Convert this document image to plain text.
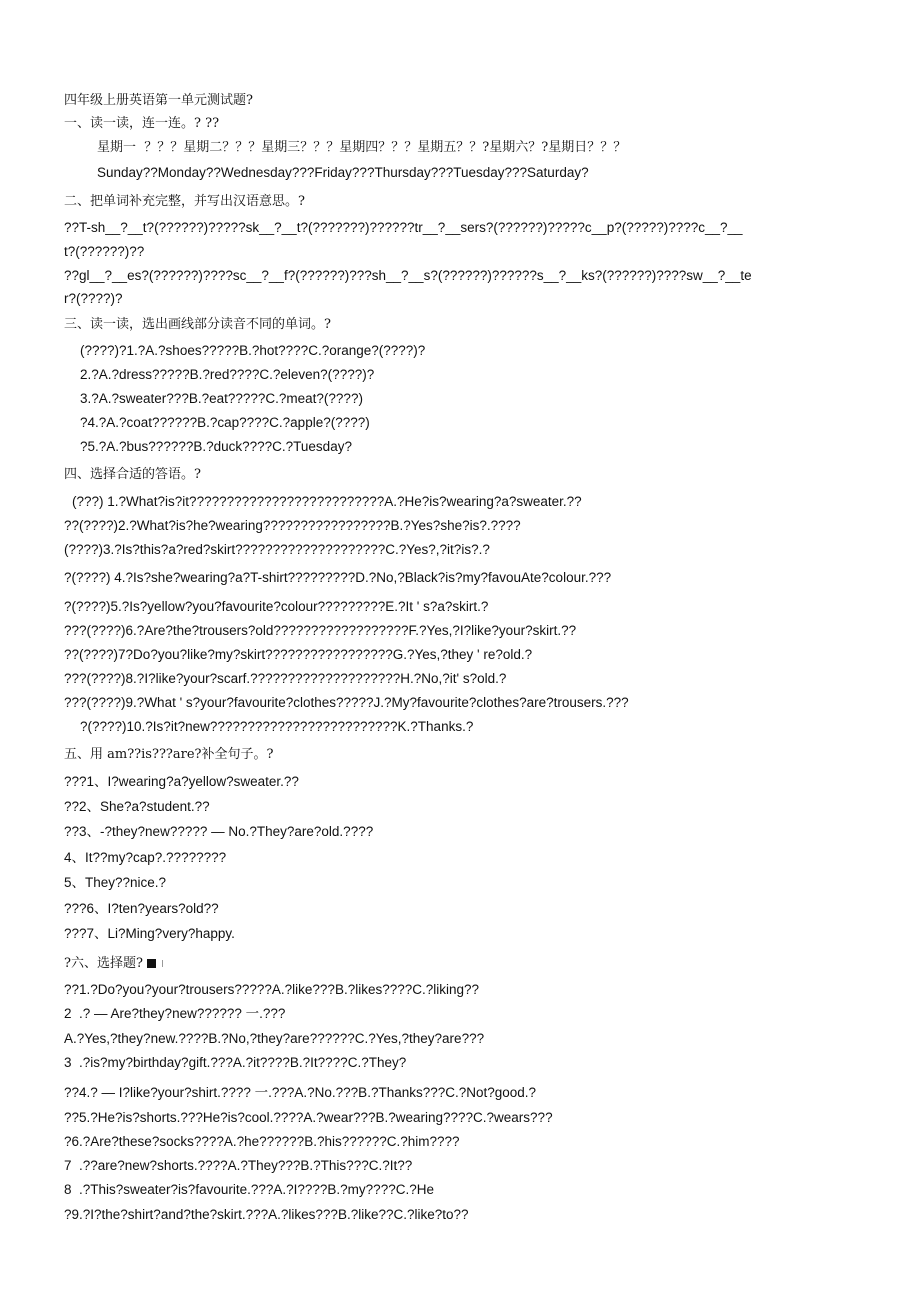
四年级上册英语第一单元测试题?
一、读一读，连一连。? ??
星期一  ？？？星期二？？？星期三？？？星期四？？？星期五？？?星期六？?星期日？？？
Sunday??Monday??Wednesday???Friday???Thursday???Tuesday???Saturday?
二、把单词补充完整，并写出汉语意思。?
??T-sh__?__t?(??????)?????sk__?__t?(???????)??????tr__?__sers?(??????)?????c__p?(?????)????c__?__
t?(??????)??
??gl__?__es?(??????)????sc__?__f?(??????)???sh__?__s?(??????)??????s__?__ks?(??????)????sw__?__te
r?(????)?
三、读一读，选出画线部分读音不同的单词。?
(????)?1.?A.?shoes?????B.?hot????C.?orange?(????)?
2.?A.?dress?????B.?red????C.?eleven?(????)?
3.?A.?sweater???B.?eat?????C.?meat?(????)
?4.?A.?coat??????B.?cap????C.?apple?(????)
?5.?A.?bus??????B.?duck????C.?Tuesday?
四、选择合适的答语。?
(???) 1.?What?is?it??????????????????????????A.?He?is?wearing?a?sweater.??
??(????)2.?What?is?he?wearing?????????????????B.?Yes?she?is?.????
(????)3.?Is?this?a?red?skirt????????????????????C.?Yes?,?it?is?.?
?(????) 4.?Is?she?wearing?a?T-shirt?????????D.?No,?Black?is?my?favouAte?colour.???
?(????)5.?Is?yellow?you?favourite?colour?????????E.?It ' s?a?skirt.?
???(????)6.?Are?the?trousers?old??????????????????F.?Yes,?I?like?your?skirt.??
??(????)7?Do?you?like?my?skirt?????????????????G.?Yes,?they ' re?old.?
???(????)8.?I?like?your?scarf.????????????????????H.?No,?it' s?old.?
???(????)9.?What ' s?your?favourite?clothes?????J.?My?favourite?clothes?are?trousers.???
?(????)10.?Is?it?new?????????????????????????K.?Thanks.?
五、用 am??is???are?补全句子。?
???1、I?wearing?a?yellow?sweater.??
??2、She?a?student.??
??3、-?they?new????? — No.?They?are?old.????
4、It??my?cap?.????????
5、They??nice.?
???6、I?ten?years?old??
???7、Li?Ming?very?happy.
?六、选择题?
??1.?Do?you?your?trousers?????A.?like???B.?likes????C.?liking??
2  .? — Are?they?new?????? 一.???
A.?Yes,?they?new.????B.?No,?they?are??????C.?Yes,?they?are???
3  .?is?my?birthday?gift.???A.?it????B.?It????C.?They?
??4.? — I?like?your?shirt.???? 一.???A.?No.???B.?Thanks???C.?Not?good.?
??5.?He?is?shorts.???He?is?cool.????A.?wear???B.?wearing????C.?wears???
?6.?Are?these?socks????A.?he??????B.?his??????C.?him????
7  .??are?new?shorts.????A.?They???B.?This???C.?It??
8  .?This?sweater?is?favourite.???A.?I????B.?my????C.?He
?9.?I?the?shirt?and?the?skirt.???A.?likes???B.?like??C.?like?to??
